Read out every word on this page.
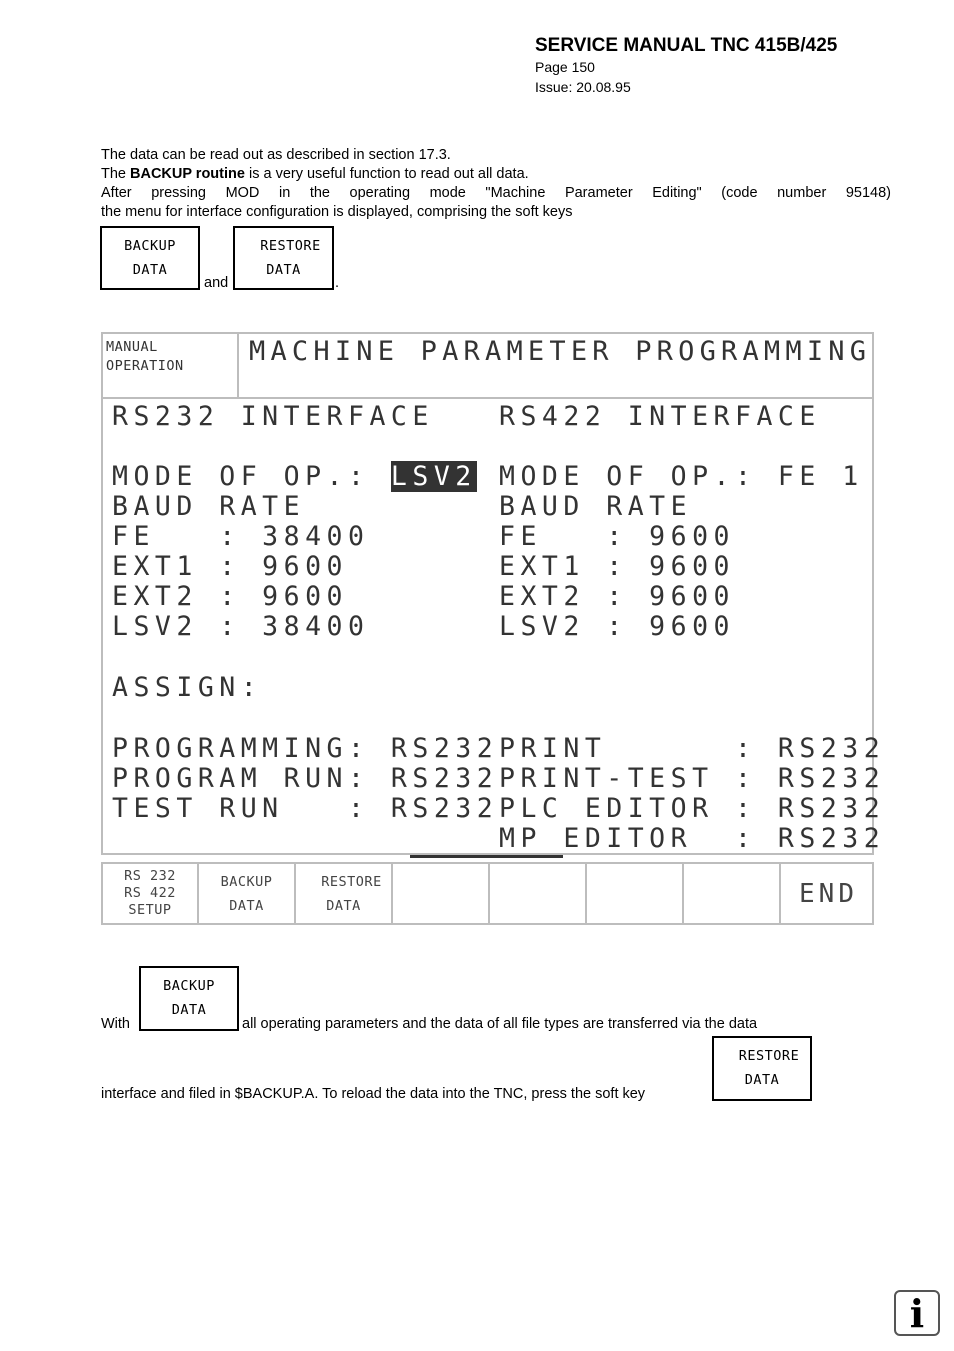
SERVICE MANUAL TNC 415B/425
Page 150
Issue: 20.08.95
The data can be read out as described in section 17.3.
The BACKUP routine is a very useful function to read out all data.
After pressing MOD in the operating mode "Machine Parameter Editing" (code number 95148)
the menu for interface configuration is displayed, comprising the soft keys
BACKUP
DATA
and
RESTORE
DATA
.
MANUAL
OPERATION	MACHINE PARAMETER PROGRAMMING
RS232 INTERFACE RS422 INTERFACE
MODE OF OP.: LSV2 MODE OF OP.: FE 1
BAUD RATE
FE   : 38400
EXT1 : 9600
EXT2 : 9600
LSV2 : 38400
BAUD RATE
FE   : 9600
EXT1 : 9600
EXT2 : 9600
LSV2 : 9600
ASSIGN:
PROGRAMMING: RS232
PROGRAM RUN: RS232
TEST RUN   : RS232
PRINT      : RS232
PRINT-TEST : RS232
PLC EDITOR : RS232
MP EDITOR  : RS232
RS 232
RS 422
SETUP
BACKUP
DATA
RESTORE
DATA	END
BACKUP
DATA
With	all operating parameters and the data of all file types are transferred via the data
RESTORE
DATA
interface and filed in $BACKUP.A. To reload the data into the TNC, press the soft key
i
